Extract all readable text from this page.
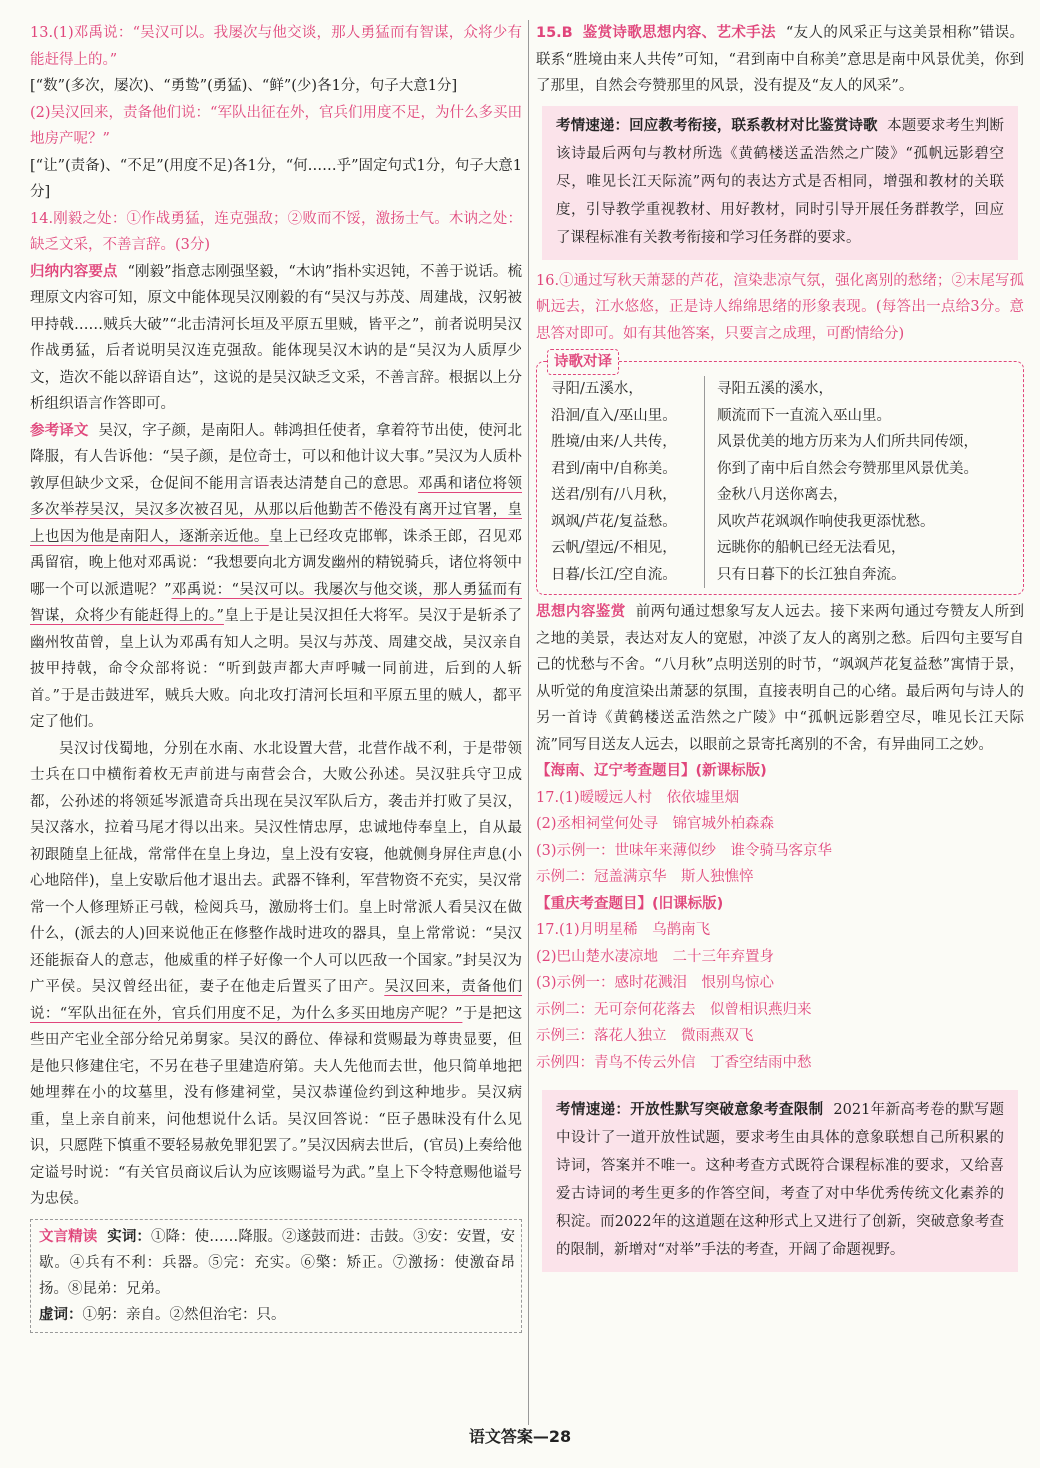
13.(1)邓禹说：“吴汉可以。我屡次与他交谈，那人勇猛而有智谋，众将少有能赶得上的。”

[“数”(多次，屡次)、“勇鸷”(勇猛)、“鲜”(少)各1分，句子大意1分]

(2)吴汉回来，责备他们说：“军队出征在外，官兵们用度不足，为什么多买田地房产呢？”

[“让”(责备)、“不足”(用度不足)各1分，“何……乎”固定句式1分，句子大意1分]

14.刚毅之处：①作战勇猛，连克强敌；②败而不馁，激扬士气。木讷之处：缺乏文采，不善言辞。(3分)

归纳内容要点 “刚毅”指意志刚强坚毅，“木讷”指朴实迟钝，不善于说话。梳理原文内容可知，原文中能体现吴汉刚毅的有“吴汉与苏茂、周建战，汉躬被甲持戟……贼兵大破”“北击清河长垣及平原五里贼，皆平之”，前者说明吴汉作战勇猛，后者说明吴汉连克强敌。能体现吴汉木讷的是“吴汉为人质厚少文，造次不能以辞语自达”，这说的是吴汉缺乏文采，不善言辞。根据以上分析组织语言作答即可。

参考译文 吴汉，字子颜，是南阳人。韩鸿担任使者，拿着符节出使，使河北降服，有人告诉他：“吴子颜，是位奇士，可以和他计议大事。”吴汉为人质朴敦厚但缺少文采，仓促间不能用言语表达清楚自己的意思。邓禹和诸位将领多次举荐吴汉，吴汉多次被召见，从那以后他勤苦不倦没有离开过官署，皇上也因为他是南阳人，逐渐亲近他。皇上已经攻克邯郸，诛杀王郎，召见邓禹留宿，晚上他对邓禹说：“我想要向北方调发幽州的精锐骑兵，诸位将领中哪一个可以派遣呢？”邓禹说：“吴汉可以。我屡次与他交谈，那人勇猛而有智谋，众将少有能赶得上的。”皇上于是让吴汉担任大将军。吴汉于是斩杀了幽州牧苗曾，皇上认为邓禹有知人之明。吴汉与苏茂、周建交战，吴汉亲自披甲持戟，命令众部将说：“听到鼓声都大声呼喊一同前进，后到的人斩首。”于是击鼓进军，贼兵大败。向北攻打清河长垣和平原五里的贼人，都平定了他们。

吴汉讨伐蜀地，分别在水南、水北设置大营，北营作战不利，于是带领士兵在口中横衔着枚无声前进与南营会合，大败公孙述。吴汉驻兵守卫成都，公孙述的将领延岑派遣奇兵出现在吴汉军队后方，袭击并打败了吴汉，吴汉落水，拉着马尾才得以出来。吴汉性情忠厚，忠诚地侍奉皇上，自从最初跟随皇上征战，常常伴在皇上身边，皇上没有安寝，他就侧身屏住声息(小心地陪伴)，皇上安歇后他才退出去。武器不锋利，军营物资不充实，吴汉常常一个人修理矫正弓戟，检阅兵马，激励将士们。皇上时常派人看吴汉在做什么，(派去的人)回来说他正在修整作战时进攻的器具，皇上常常说：“吴汉还能振奋人的意志，他威重的样子好像一个人可以匹敌一个国家。”封吴汉为广平侯。吴汉曾经出征，妻子在他走后置买了田产。吴汉回来，责备他们说：“军队出征在外，官兵们用度不足，为什么多买田地房产呢？”于是把这些田产宅业全部分给兄弟舅家。吴汉的爵位、俸禄和赏赐最为尊贵显要，但是他只修建住宅，不另在巷子里建造府第。夫人先他而去世，他只简单地把她埋葬在小的坟墓里，没有修建祠堂，吴汉恭谨俭约到这种地步。吴汉病重，皇上亲自前来，问他想说什么话。吴汉回答说：“臣子愚昧没有什么见识，只愿陛下慎重不要轻易赦免罪犯罢了。”吴汉因病去世后，(官员)上奏给他定谥号时说：“有关官员商议后认为应该赐谥号为武。”皇上下令特意赐他谥号为忠侯。

文言精读 实词：①降：使……降服。②遂鼓而进：击鼓。③安：安置，安歇。④兵有不利：兵器。⑤完：充实。⑥檠：矫正。⑦激扬：使激奋昂扬。⑧昆弟：兄弟。

虚词：①躬：亲自。②然但治宅：只。

15.B 鉴赏诗歌思想内容、艺术手法 “友人的风采正与这美景相称”错误。联系“胜境由来人共传”可知，“君到南中自称美”意思是南中风景优美，你到了那里，自然会夸赞那里的风景，没有提及“友人的风采”。

考情速递：回应教考衔接，联系教材对比鉴赏诗歌 本题要求考生判断该诗最后两句与教材所选《黄鹤楼送孟浩然之广陵》“孤帆远影碧空尽，唯见长江天际流”两句的表达方式是否相同，增强和教材的关联度，引导教学重视教材、用好教材，同时引导开展任务群教学，回应了课程标准有关教考衔接和学习任务群的要求。

16.①通过写秋天萧瑟的芦花，渲染悲凉气氛，强化离别的愁绪；②末尾写孤帆远去，江水悠悠，正是诗人绵绵思绪的形象表现。(每答出一点给3分。意思答对即可。如有其他答案，只要言之成理，可酌情给分)

诗歌对译
寻阳/五溪水，	寻阳五溪的溪水，
沿洄/直入/巫山里。	顺流而下一直流入巫山里。
胜境/由来/人共传，	风景优美的地方历来为人们所共同传颂，
君到/南中/自称美。	你到了南中后自然会夸赞那里风景优美。
送君/别有/八月秋，	金秋八月送你离去，
飒飒/芦花/复益愁。	风吹芦花飒飒作响使我更添忧愁。
云帆/望远/不相见，	远眺你的船帆已经无法看见，
日暮/长江/空自流。	只有日暮下的长江独自奔流。

思想内容鉴赏 前两句通过想象写友人远去。接下来两句通过夸赞友人所到之地的美景，表达对友人的宽慰，冲淡了友人的离别之愁。后四句主要写自己的忧愁与不舍。“八月秋”点明送别的时节，“飒飒芦花复益愁”寓情于景，从听觉的角度渲染出萧瑟的氛围，直接表明自己的心绪。最后两句与诗人的另一首诗《黄鹤楼送孟浩然之广陵》中“孤帆远影碧空尽，唯见长江天际流”同写目送友人远去，以眼前之景寄托离别的不舍，有异曲同工之妙。

【海南、辽宁考查题目】(新课标版)

17.(1)暧暧远人村　依依墟里烟

(2)丞相祠堂何处寻　锦官城外柏森森

(3)示例一：世味年来薄似纱　谁令骑马客京华

示例二：冠盖满京华　斯人独憔悴

【重庆考查题目】(旧课标版)

17.(1)月明星稀　乌鹊南飞

(2)巴山楚水凄凉地　二十三年弃置身

(3)示例一：感时花溅泪　恨别鸟惊心

示例二：无可奈何花落去　似曾相识燕归来

示例三：落花人独立　微雨燕双飞

示例四：青鸟不传云外信　丁香空结雨中愁

考情速递：开放性默写突破意象考查限制 2021年新高考卷的默写题中设计了一道开放性试题，要求考生由具体的意象联想自己所积累的诗词，答案并不唯一。这种考查方式既符合课程标准的要求，又给喜爱古诗词的考生更多的作答空间，考查了对中华优秀传统文化素养的积淀。而2022年的这道题在这种形式上又进行了创新，突破意象考查的限制，新增对“对举”手法的考查，开阔了命题视野。

语文答案—28
